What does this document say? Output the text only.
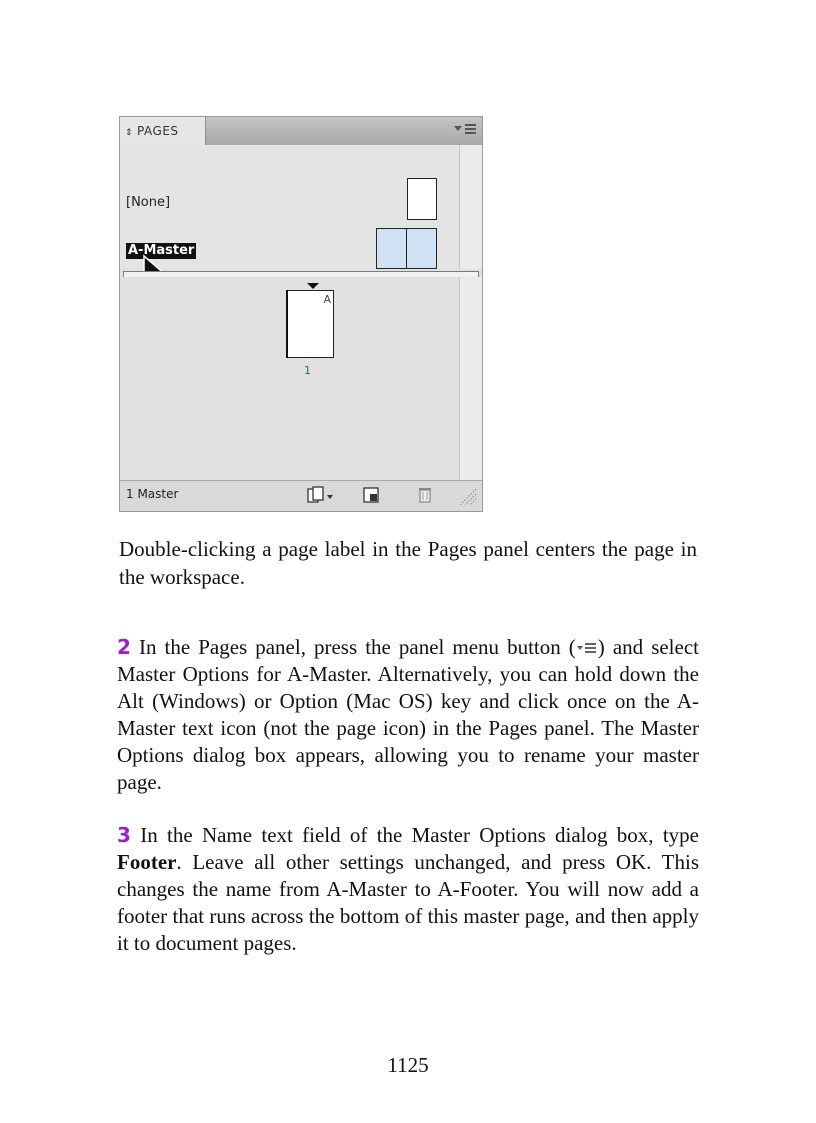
⇕ PAGES
[None]
A-Master
A
1
1 Master
Double-clicking a page label in the Pages panel centers the page in the workspace.
2 In the Pages panel, press the panel menu button ( ) and select Master Options for A-Master. Alternatively, you can hold down the Alt (Windows) or Option (Mac OS) key and click once on the A-Master text icon (not the page icon) in the Pages panel. The Master Options dialog box appears, allowing you to rename your master page.
3 In the Name text field of the Master Options dialog box, type Footer. Leave all other settings unchanged, and press OK. This changes the name from A-Master to A-Footer. You will now add a footer that runs across the bottom of this master page, and then apply it to document pages.
1125
